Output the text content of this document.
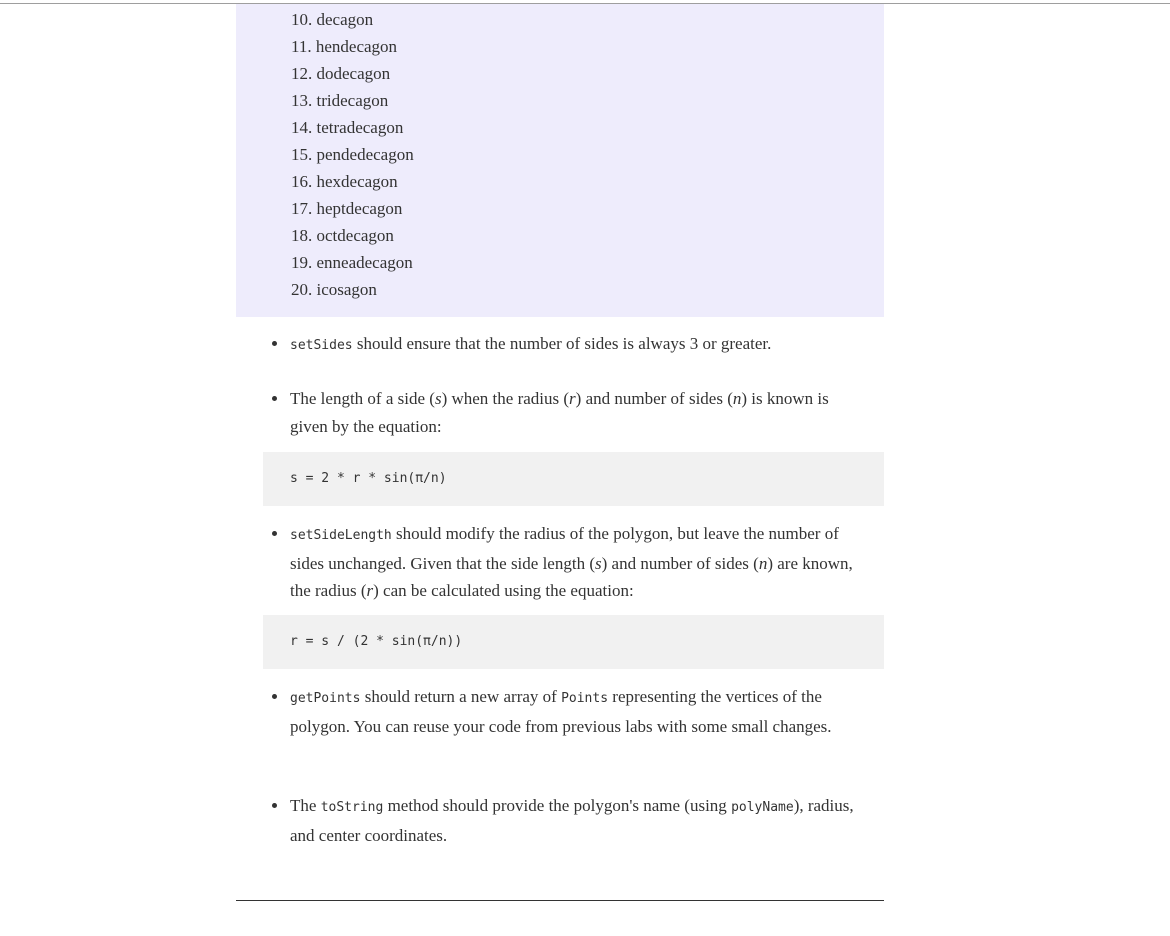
10. decagon
11. hendecagon
12. dodecagon
13. tridecagon
14. tetradecagon
15. pendedecagon
16. hexdecagon
17. heptdecagon
18. octdecagon
19. enneadecagon
20. icosagon
setSides should ensure that the number of sides is always 3 or greater.
The length of a side (s) when the radius (r) and number of sides (n) is known is given by the equation:
s = 2 * r * sin(π/n)
setSideLength should modify the radius of the polygon, but leave the number of sides unchanged. Given that the side length (s) and number of sides (n) are known, the radius (r) can be calculated using the equation:
r = s / (2 * sin(π/n))
getPoints should return a new array of Points representing the vertices of the polygon. You can reuse your code from previous labs with some small changes.
The toString method should provide the polygon's name (using polyName), radius, and center coordinates.
